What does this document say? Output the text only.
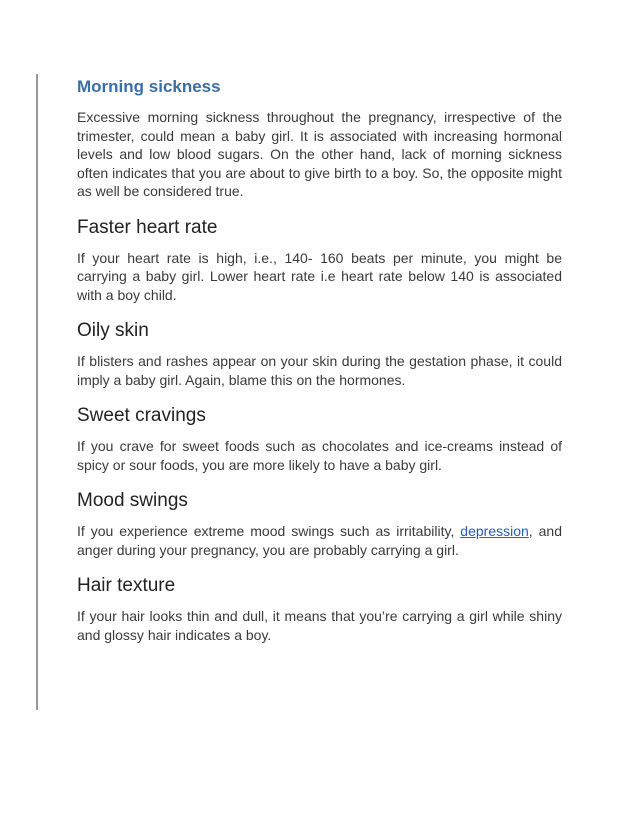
Morning sickness

Excessive morning sickness throughout the pregnancy, irrespective of the trimester, could mean a baby girl. It is associated with increasing hormonal levels and low blood sugars. On the other hand, lack of morning sickness often indicates that you are about to give birth to a boy. So, the opposite might as well be considered true.

Faster heart rate

If your heart rate is high, i.e., 140- 160 beats per minute, you might be carrying a baby girl. Lower heart rate i.e heart rate below 140 is associated with a boy child.

Oily skin

If blisters and rashes appear on your skin during the gestation phase, it could imply a baby girl. Again, blame this on the hormones.

Sweet cravings

If you crave for sweet foods such as chocolates and ice-creams instead of spicy or sour foods, you are more likely to have a baby girl.

Mood swings

If you experience extreme mood swings such as irritability, depression, and anger during your pregnancy, you are probably carrying a girl.

Hair texture

If your hair looks thin and dull, it means that you’re carrying a girl while shiny and glossy hair indicates a boy.
